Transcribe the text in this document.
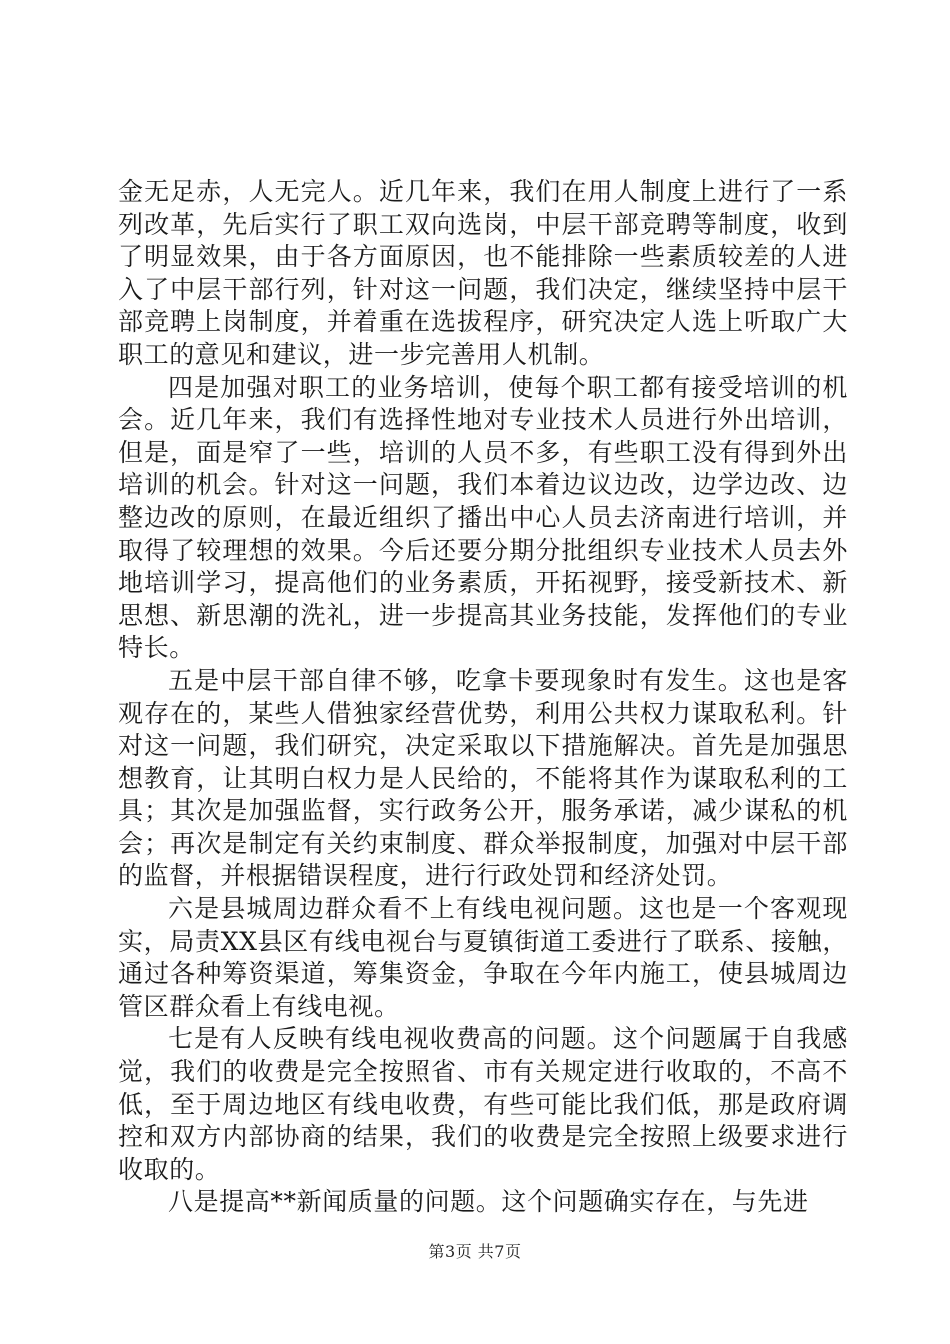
金无足赤，人无完人。近几年来，我们在用人制度上进行了一系列改革，先后实行了职工双向选岗，中层干部竞聘等制度，收到了明显效果，由于各方面原因，也不能排除一些素质较差的人进入了中层干部行列，针对这一问题，我们决定，继续坚持中层干部竞聘上岗制度，并着重在选拔程序，研究决定人选上听取广大职工的意见和建议，进一步完善用人机制。

四是加强对职工的业务培训，使每个职工都有接受培训的机会。近几年来，我们有选择性地对专业技术人员进行外出培训，但是，面是窄了一些，培训的人员不多，有些职工没有得到外出培训的机会。针对这一问题，我们本着边议边改，边学边改、边整边改的原则，在最近组织了播出中心人员去济南进行培训，并取得了较理想的效果。今后还要分期分批组织专业技术人员去外地培训学习，提高他们的业务素质，开拓视野，接受新技术、新思想、新思潮的洗礼，进一步提高其业务技能，发挥他们的专业特长。

五是中层干部自律不够，吃拿卡要现象时有发生。这也是客观存在的，某些人借独家经营优势，利用公共权力谋取私利。针对这一问题，我们研究，决定采取以下措施解决。首先是加强思想教育，让其明白权力是人民给的，不能将其作为谋取私利的工具；其次是加强监督，实行政务公开，服务承诺，减少谋私的机会；再次是制定有关约束制度、群众举报制度，加强对中层干部的监督，并根据错误程度，进行行政处罚和经济处罚。

六是县城周边群众看不上有线电视问题。这也是一个客观现实，局责XX县区有线电视台与夏镇街道工委进行了联系、接触，通过各种筹资渠道，筹集资金，争取在今年内施工，使县城周边管区群众看上有线电视。

七是有人反映有线电视收费高的问题。这个问题属于自我感觉，我们的收费是完全按照省、市有关规定进行收取的，不高不低，至于周边地区有线电收费，有些可能比我们低，那是政府调控和双方内部协商的结果，我们的收费是完全按照上级要求进行收取的。

八是提高**新闻质量的问题。这个问题确实存在，与先进

第3页 共7页
